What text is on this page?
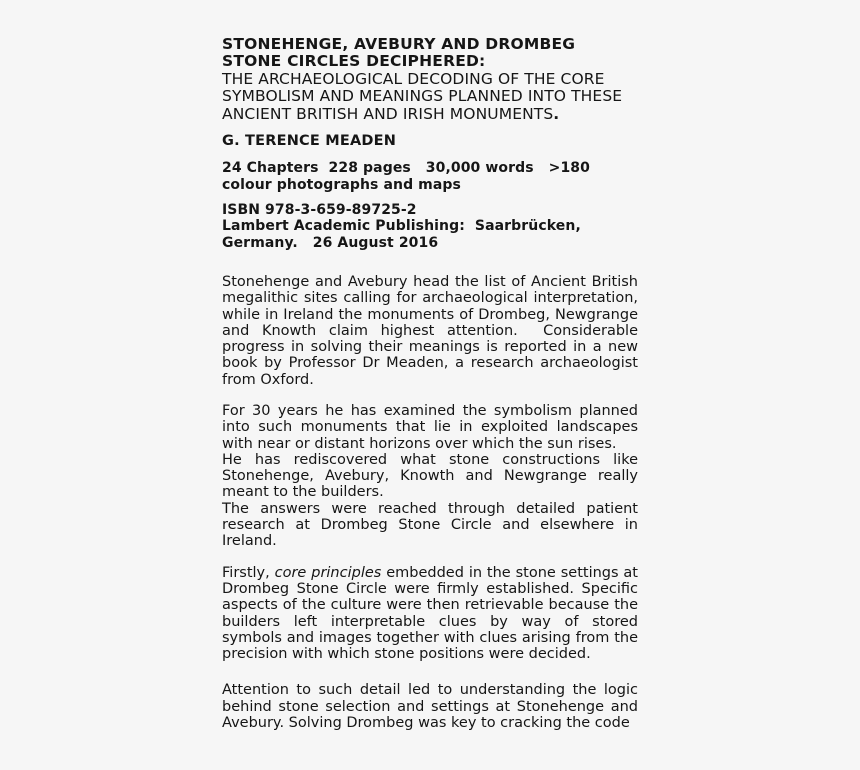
STONEHENGE, AVEBURY AND DROMBEG STONE CIRCLES DECIPHERED:
THE ARCHAEOLOGICAL DECODING OF THE CORE SYMBOLISM AND MEANINGS PLANNED INTO THESE ANCIENT BRITISH AND IRISH MONUMENTS.

G. TERENCE MEADEN

24 Chapters  228 pages   30,000 words   >180 colour photographs and maps

ISBN 978-3-659-89725-2

Lambert Academic Publishing:  Saarbrücken, Germany.   26 August 2016

Stonehenge and Avebury head the list of Ancient British megalithic sites calling for archaeological interpretation, while in Ireland the monuments of Drombeg, Newgrange and Knowth claim highest attention.  Considerable progress in solving their meanings is reported in a new book by Professor Dr Meaden, a research archaeologist from Oxford.

For 30 years he has examined the symbolism planned into such monuments that lie in exploited landscapes with near or distant horizons over which the sun rises.

He has rediscovered what stone constructions like Stonehenge, Avebury, Knowth and Newgrange really meant to the builders.

The answers were reached through detailed patient research at Drombeg Stone Circle and elsewhere in Ireland.

Firstly, core principles embedded in the stone settings at Drombeg Stone Circle were firmly established. Specific aspects of the culture were then retrievable because the builders left interpretable clues by way of stored symbols and images together with clues arising from the precision with which stone positions were decided.

Attention to such detail led to understanding the logic behind stone selection and settings at Stonehenge and Avebury. Solving Drombeg was key to cracking the code
